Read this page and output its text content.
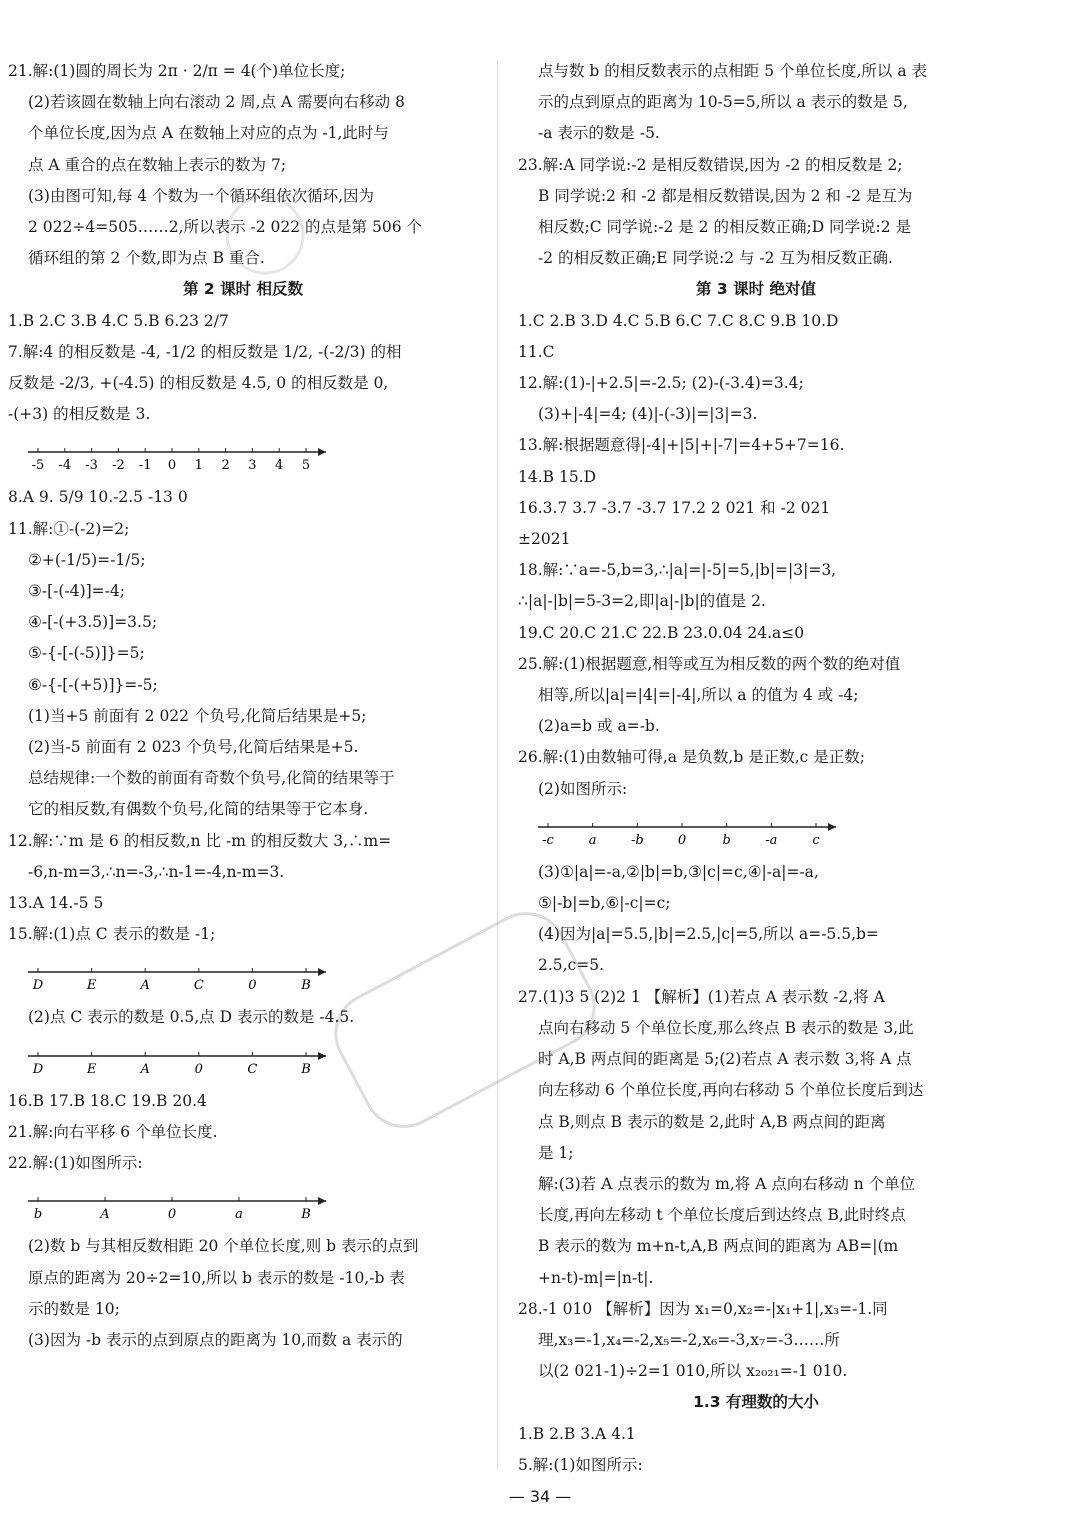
21.解:(1)圆的周长为 2π · 2/π = 4(个)单位长度;
(2)若该圆在数轴上向右滚动 2 周,点 A 需要向右移动 8
个单位长度,因为点 A 在数轴上对应的点为 -1,此时与
点 A 重合的点在数轴上表示的数为 7;
(3)由图可知,每 4 个数为一个循环组依次循环,因为
2 022÷4=505……2,所以表示 -2 022 的点是第 506 个
循环组的第 2 个数,即为点 B 重合.
第 2 课时 相反数
1.B 2.C 3.B 4.C 5.B 6.23 2/7
7.解:4 的相反数是 -4, -1/2 的相反数是 1/2, -(-2/3) 的相
反数是 -2/3, +(-4.5) 的相反数是 4.5, 0 的相反数是 0,
-(+3) 的相反数是 3.
-5 -4 -3 -2 -1 0 1 2 3 4 5
8.A 9. 5/9 10.-2.5 -13 0
11.解:①-(-2)=2;
②+(-1/5)=-1/5;
③-[-(-4)]=-4;
④-[-(+3.5)]=3.5;
⑤-{-[-(-5)]}=5;
⑥-{-[-(+5)]}=-5;
(1)当+5 前面有 2 022 个负号,化简后结果是+5;
(2)当-5 前面有 2 023 个负号,化简后结果是+5.
总结规律:一个数的前面有奇数个负号,化简的结果等于
它的相反数,有偶数个负号,化简的结果等于它本身.
12.解:∵m 是 6 的相反数,n 比 -m 的相反数大 3,∴m=
-6,n-m=3,∴n=-3,∴n-1=-4,n-m=3.
13.A 14.-5 5
15.解:(1)点 C 表示的数是 -1;
D	E	A	C	0	B
(2)点 C 表示的数是 0.5,点 D 表示的数是 -4.5.
D	E	A	0	C	B
16.B 17.B 18.C 19.B 20.4
21.解:向右平移 6 个单位长度.
22.解:(1)如图所示:
b	A	0	a	B
(2)数 b 与其相反数相距 20 个单位长度,则 b 表示的点到
原点的距离为 20÷2=10,所以 b 表示的数是 -10,-b 表
示的数是 10;
(3)因为 -b 表示的点到原点的距离为 10,而数 a 表示的
点与数 b 的相反数表示的点相距 5 个单位长度,所以 a 表
示的点到原点的距离为 10-5=5,所以 a 表示的数是 5,
-a 表示的数是 -5.
23.解:A 同学说:-2 是相反数错误,因为 -2 的相反数是 2;
B 同学说:2 和 -2 都是相反数错误,因为 2 和 -2 是互为
相反数;C 同学说:-2 是 2 的相反数正确;D 同学说:2 是
-2 的相反数正确;E 同学说:2 与 -2 互为相反数正确.
第 3 课时 绝对值
1.C 2.B 3.D 4.C 5.B 6.C 7.C 8.C 9.B 10.D
11.C
12.解:(1)-|+2.5|=-2.5; (2)-(-3.4)=3.4;
(3)+|-4|=4; (4)|-(-3)|=|3|=3.
13.解:根据题意得|-4|+|5|+|-7|=4+5+7=16.
14.B 15.D
16.3.7 3.7 -3.7 -3.7 17.2 2 021 和 -2 021
±2021
18.解:∵a=-5,b=3,∴|a|=|-5|=5,|b|=|3|=3,
∴|a|-|b|=5-3=2,即|a|-|b|的值是 2.
19.C 20.C 21.C 22.B 23.0.04 24.a≤0
25.解:(1)根据题意,相等或互为相反数的两个数的绝对值
相等,所以|a|=|4|=|-4|,所以 a 的值为 4 或 -4;
(2)a=b 或 a=-b.
26.解:(1)由数轴可得,a 是负数,b 是正数,c 是正数;
(2)如图所示:
-c	a	-b	0	b	-a	c
(3)①|a|=-a,②|b|=b,③|c|=c,④|-a|=-a,
⑤|-b|=b,⑥|-c|=c;
(4)因为|a|=5.5,|b|=2.5,|c|=5,所以 a=-5.5,b=
2.5,c=5.
27.(1)3 5 (2)2 1 【解析】(1)若点 A 表示数 -2,将 A
点向右移动 5 个单位长度,那么终点 B 表示的数是 3,此
时 A,B 两点间的距离是 5;(2)若点 A 表示数 3,将 A 点
向左移动 6 个单位长度,再向右移动 5 个单位长度后到达
点 B,则点 B 表示的数是 2,此时 A,B 两点间的距离
是 1;
解:(3)若 A 点表示的数为 m,将 A 点向右移动 n 个单位
长度,再向左移动 t 个单位长度后到达终点 B,此时终点
B 表示的数为 m+n-t,A,B 两点间的距离为 AB=|(m
+n-t)-m|=|n-t|.
28.-1 010 【解析】因为 x₁=0,x₂=-|x₁+1|,x₃=-1.同
理,x₃=-1,x₄=-2,x₅=-2,x₆=-3,x₇=-3……所
以(2 021-1)÷2=1 010,所以 x₂₀₂₁=-1 010.
1.3 有理数的大小
1.B 2.B 3.A 4.1
5.解:(1)如图所示:
— 34 —
